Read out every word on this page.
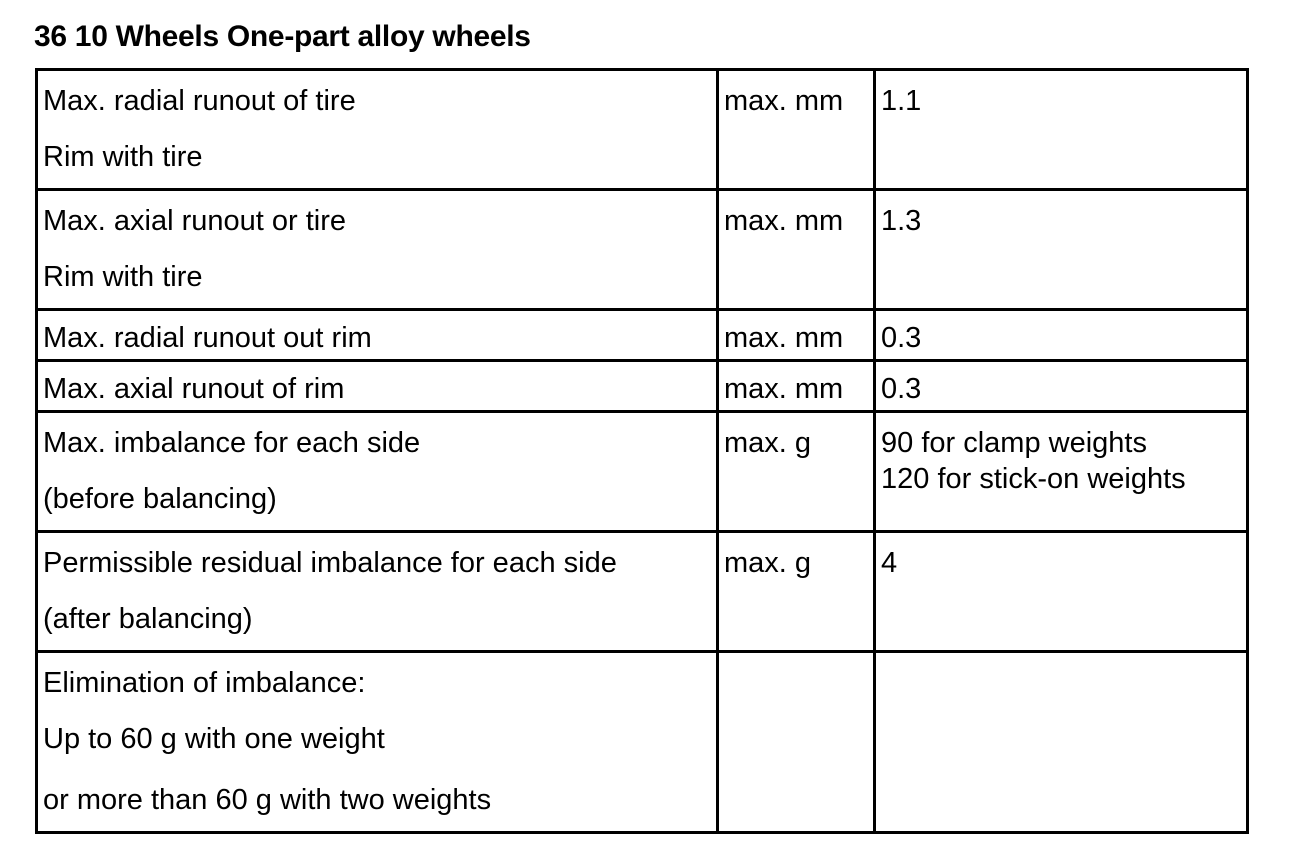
36 10 Wheels One-part alloy wheels
Max. radial runout of tire
Rim with tire	max. mm	1.1

Max. axial runout or tire
Rim with tire	max. mm	1.3

Max. radial runout out rim	max. mm	0.3

Max. axial runout of rim	max. mm	0.3

Max. imbalance for each side
(before balancing)	max. g	90 for clamp weights
120 for stick-on weights

Permissible residual imbalance for each side
(after balancing)	max. g	4

Elimination of imbalance:
Up to 60 g with one weight
or more than 60 g with two weights		
